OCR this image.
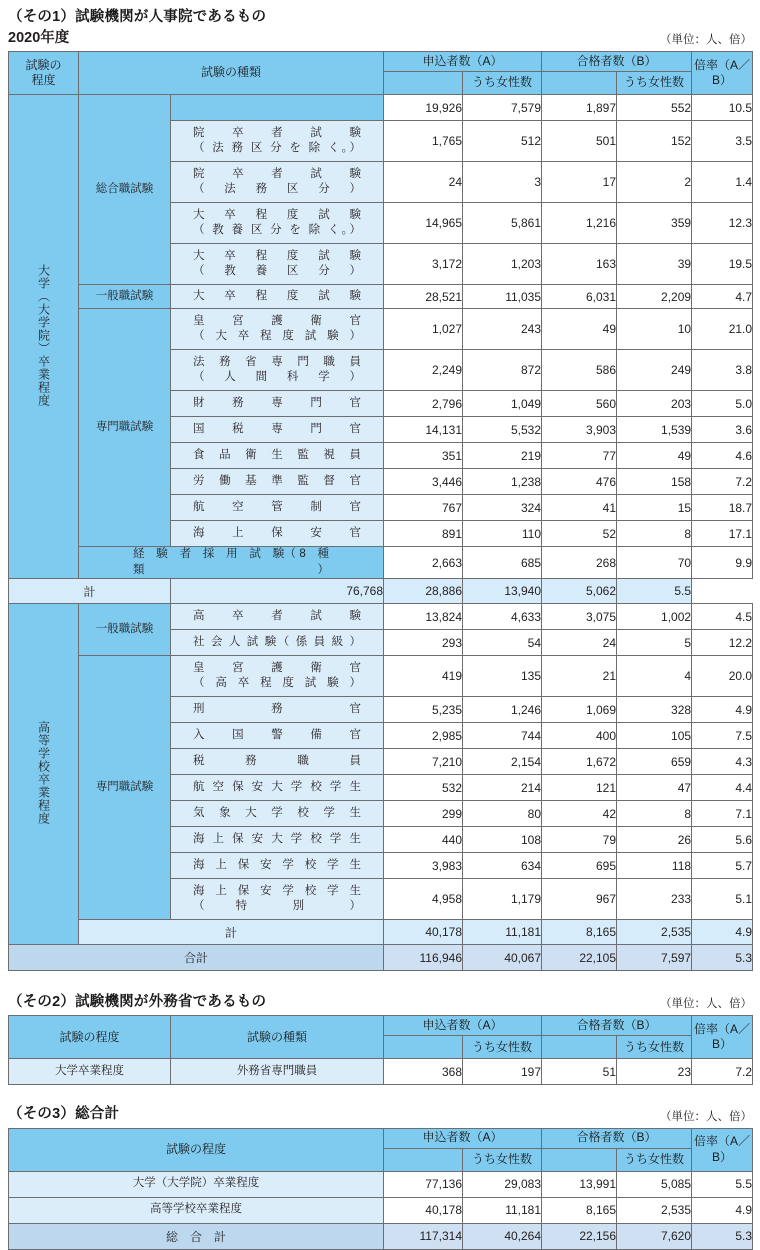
（その1）試験機関が人事院であるもの
2020年度	（単位：人、倍）
試験の
程度	試験の種類		申込者数（A）		合格者数（B）		倍率（A／B）
				うち女性数		うち女性数	
大学（大学院）卒業程度	総合職試験		19,926	7,579	1,897	552	10.5

		院　卒　者　試　験
（ 法 務 区 分 を 除 く。）	1,765	512	501	152	3.5

		院　卒　者　試　験
（　法　務　区　分　）	24	3	17	2	1.4

		大　卒　程　度　試　験
（ 教 養 区 分 を 除 く。）	14,965	5,861	1,216	359	12.3

		大　卒　程　度　試　験
（　教　養　区　分　）	3,172	1,203	163	39	19.5
	一般職試験	大　卒　程　度　試　験	28,521	11,035	6,031	2,209	4.7
	専門職試験	皇　宮　護　衛　官
（ 大 卒 程 度 試 験 ）	1,027	243	49	10	21.0

		法 務 省 専 門 職 員
（　人　間　科　学　）	2,249	872	586	249	3.8

		財　務　専　門　官	2,796	1,049	560	203	5.0

		国　税　専　門　官	14,131	5,532	3,903	1,539	3.6

		食 品 衛 生 監 視 員	351	219	77	49	4.6

		労 働 基 準 監 督 官	3,446	1,238	476	158	7.2

		航　空　管　制　官	767	324	41	15	18.7

		海　上　保　安　官	891	110	52	8	17.1

	経　験　者　採　用　試　験（ 8　種　類　）		2,663	685	268	70	9.9
計		76,768	28,886	13,940	5,062	5.5	
高等学校卒業程度	一般職試験	高　卒　者　試　験	13,824	4,633	3,075	1,002	4.5

		社 会 人 試 験（ 係 員 級 ）	293	54	24	5	12.2
	専門職試験	皇　宮　護　衛　官
（ 高 卒 程 度 試 験 ）	419	135	21	4	20.0

		刑　　　　務　　　　官	5,235	1,246	1,069	328	4.9

		入　国　警　備　官	2,985	744	400	105	7.5

		税　　務　　職　　員	7,210	2,154	1,672	659	4.3

		航 空 保 安 大 学 校 学 生	532	214	121	47	4.4

		気 象 大 学 校 学 生	299	80	42	8	7.1

		海 上 保 安 大 学 校 学 生	440	108	79	26	5.6

		海 上 保 安 学 校 学 生	3,983	634	695	118	5.7

		海 上 保 安 学 校 学 生
（　　特　　　別　　　）	4,958	1,179	967	233	5.1
	計		40,178	11,181	8,165	2,535	4.9
合計			116,946	40,067	22,105	7,597	5.3
（その2）試験機関が外務省であるもの	（単位：人、倍）
試験の程度	試験の種類	申込者数（A）		合格者数（B）		倍率（A／B）
			うち女性数		うち女性数	
大学卒業程度	外務省専門職員	368	197	51	23	7.2
（その3）総合計	（単位：人、倍）
試験の程度	申込者数（A）		合格者数（B）		倍率（A／B）
		うち女性数		うち女性数	
大学（大学院）卒業程度	77,136	29,083	13,991	5,085	5.5
高等学校卒業程度	40,178	11,181	8,165	2,535	4.9
総　合　計	117,314	40,264	22,156	7,620	5.3
